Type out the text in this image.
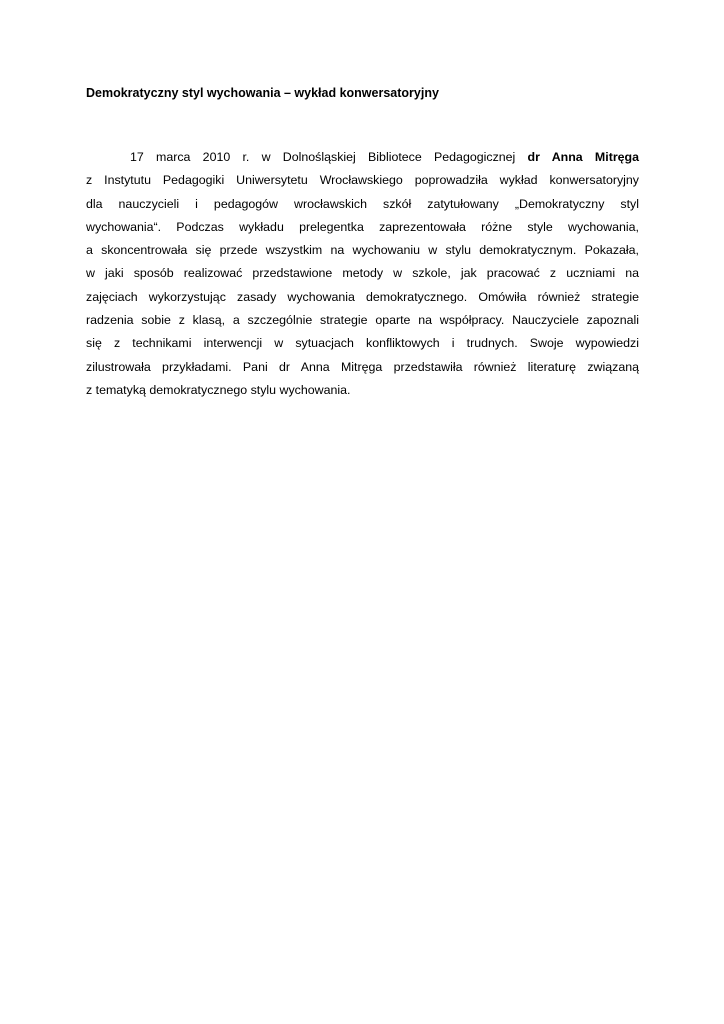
Demokratyczny styl wychowania – wykład konwersatoryjny
17 marca 2010 r. w Dolnośląskiej Bibliotece Pedagogicznej dr Anna Mitręga
z Instytutu Pedagogiki Uniwersytetu Wrocławskiego poprowadziła wykład konwersatoryjny
dla nauczycieli i pedagogów wrocławskich szkół zatytułowany „Demokratyczny styl
wychowania“. Podczas wykładu prelegentka zaprezentowała różne style wychowania,
a skoncentrowała się przede wszystkim na wychowaniu w stylu demokratycznym. Pokazała,
w jaki sposób realizować przedstawione metody w szkole, jak pracować z uczniami na
zajęciach wykorzystując zasady wychowania demokratycznego. Omówiła również strategie
radzenia sobie z klasą, a szczególnie strategie oparte na współpracy. Nauczyciele zapoznali
się z technikami interwencji w sytuacjach konfliktowych i trudnych. Swoje wypowiedzi
zilustrowała przykładami. Pani dr Anna Mitręga przedstawiła również literaturę związaną
z tematyką demokratycznego stylu wychowania.
